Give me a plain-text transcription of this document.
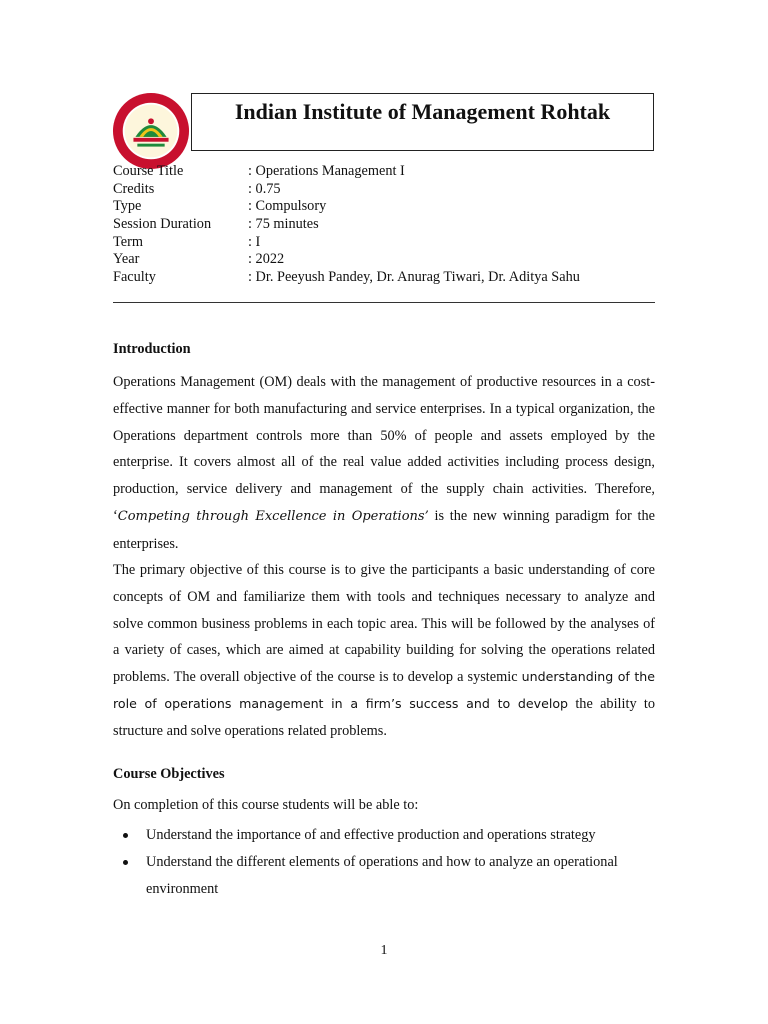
Indian Institute of Management Rohtak
Course Title	: Operations Management I
Credits	: 0.75
Type	: Compulsory
Session Duration	: 75 minutes
Term	: I
Year	: 2022
Faculty	: Dr. Peeyush Pandey, Dr. Anurag Tiwari, Dr. Aditya Sahu
Introduction
Operations Management (OM) deals with the management of productive resources in a cost-effective manner for both manufacturing and service enterprises. In a typical organization, the Operations department controls more than 50% of people and assets employed by the enterprise. It covers almost all of the real value added activities including process design, production, service delivery and management of the supply chain activities. Therefore, ‘Competing through Excellence in Operations’ is the new winning paradigm for the enterprises.
The primary objective of this course is to give the participants a basic understanding of core concepts of OM and familiarize them with tools and techniques necessary to analyze and solve common business problems in each topic area. This will be followed by the analyses of a variety of cases, which are aimed at capability building for solving the operations related problems. The overall objective of the course is to develop a systemic understanding of the role of operations management in a firm’s success and to develop the ability to structure and solve operations related problems.
Course Objectives
On completion of this course students will be able to:
Understand the importance of and effective production and operations strategy
Understand the different elements of operations and how to analyze an operational environment
1
